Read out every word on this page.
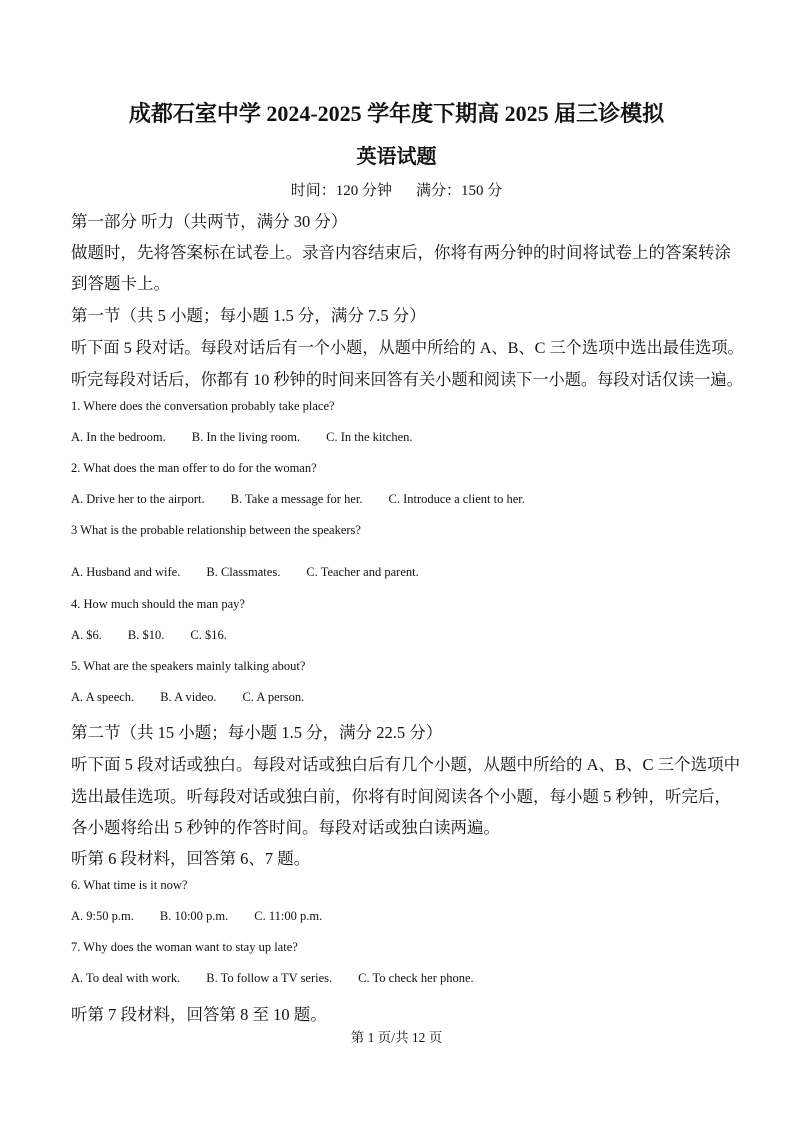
成都石室中学 2024-2025 学年度下期高 2025 届三诊模拟
英语试题
时间：120 分钟 满分：150 分
第一部分 听力（共两节，满分 30 分）
做题时，先将答案标在试卷上。录音内容结束后，你将有两分钟的时间将试卷上的答案转涂
到答题卡上。
第一节（共 5 小题；每小题 1.5 分，满分 7.5 分）
听下面 5 段对话。每段对话后有一个小题，从题中所给的 A、B、C 三个选项中选出最佳选项。
听完每段对话后，你都有 10 秒钟的时间来回答有关小题和阅读下一小题。每段对话仅读一遍。
1. Where does the conversation probably take place?
A. In the bedroom. B. In the living room. C. In the kitchen.
2. What does the man offer to do for the woman?
A. Drive her to the airport. B. Take a message for her. C. Introduce a client to her.
3 What is the probable relationship between the speakers?
A. Husband and wife. B. Classmates. C. Teacher and parent.
4. How much should the man pay?
A. $6. B. $10. C. $16.
5. What are the speakers mainly talking about?
A. A speech. B. A video. C. A person.
第二节（共 15 小题；每小题 1.5 分，满分 22.5 分）
听下面 5 段对话或独白。每段对话或独白后有几个小题，从题中所给的 A、B、C 三个选项中
选出最佳选项。听每段对话或独白前，你将有时间阅读各个小题，每小题 5 秒钟，听完后，
各小题将给出 5 秒钟的作答时间。每段对话或独白读两遍。
听第 6 段材料，回答第 6、7 题。
6. What time is it now?
A. 9:50 p.m. B. 10:00 p.m. C. 11:00 p.m.
7. Why does the woman want to stay up late?
A. To deal with work. B. To follow a TV series. C. To check her phone.
听第 7 段材料，回答第 8 至 10 题。
第 1 页/共 12 页
